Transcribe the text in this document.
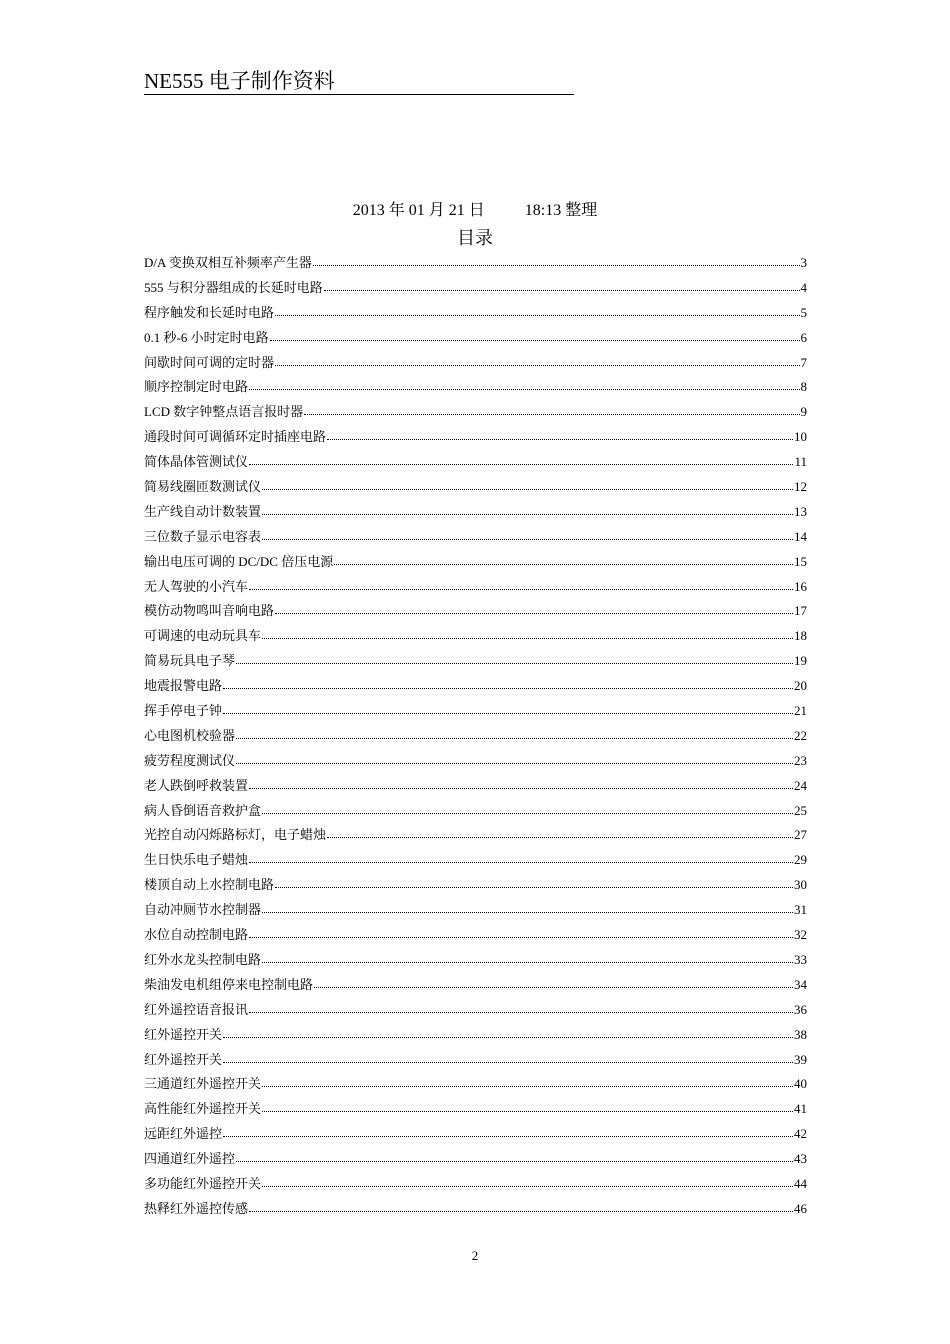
NE555 电子制作资料
2013 年 01 月 21 日	18:13 整理
目录
D/A 变换双相互补频率产生器	3
555 与积分器组成的长延时电路	4
程序触发和长延时电路	5
0.1 秒-6 小时定时电路	6
间歇时间可调的定时器	7
顺序控制定时电路	8
LCD 数字钟整点语言报时器	9
通段时间可调循环定时插座电路	10
简体晶体管测试仪	11
简易线圈匝数测试仪	12
生产线自动计数装置	13
三位数子显示电容表	14
输出电压可调的 DC/DC 倍压电源	15
无人驾驶的小汽车	16
模仿动物鸣叫音响电路	17
可调速的电动玩具车	18
简易玩具电子琴	19
地震报警电路	20
挥手停电子钟	21
心电图机校验器	22
疲劳程度测试仪	23
老人跌倒呼救装置	24
病人昏倒语音救护盒	25
光控自动闪烁路标灯，电子蜡烛	27
生日快乐电子蜡烛	29
楼顶自动上水控制电路	30
自动冲厕节水控制器	31
水位自动控制电路	32
红外水龙头控制电路	33
柴油发电机组停来电控制电路	34
红外遥控语音报讯	36
红外遥控开关	38
红外遥控开关	39
三通道红外遥控开关	40
高性能红外遥控开关	41
远距红外遥控	42
四通道红外遥控	43
多功能红外遥控开关	44
热释红外遥控传感	46
2
